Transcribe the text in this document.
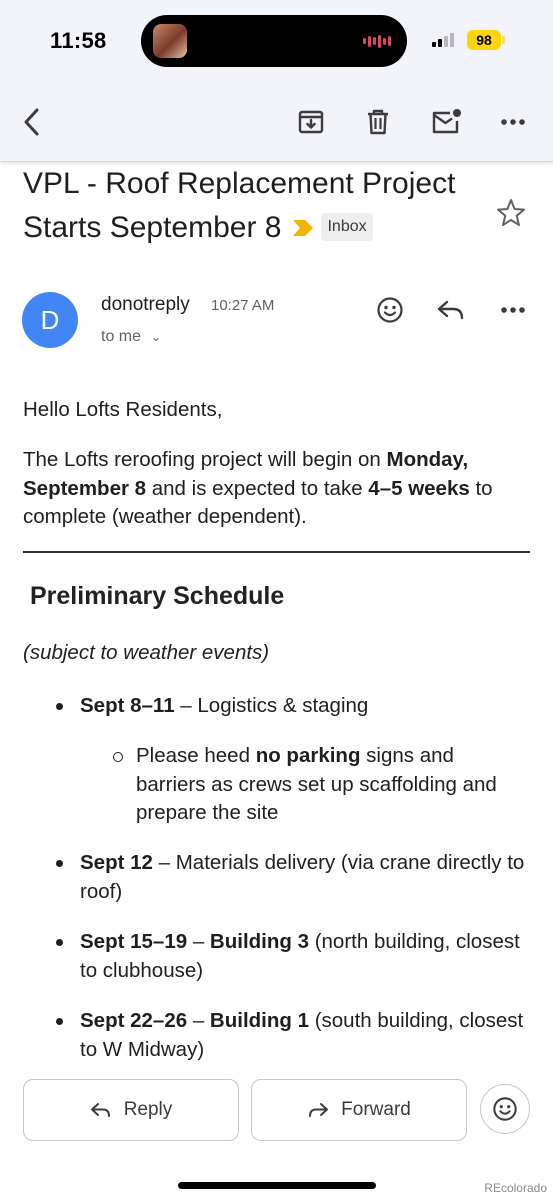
11:58	98
VPL - Roof Replacement Project Starts September 8	Inbox
D
donotreply 10:27 AM
to me ⌄
Hello Lofts Residents,
The Lofts reroofing project will begin on Monday, September 8 and is expected to take 4–5 weeks to complete (weather dependent).
Preliminary Schedule
(subject to weather events)
Sept 8–11 – Logistics & staging
Please heed no parking signs and barriers as crews set up scaffolding and prepare the site
Sept 12 – Materials delivery (via crane directly to roof)
Sept 15–19 – Building 3 (north building, closest to clubhouse)
Sept 22–26 – Building 1 (south building, closest to W Midway)
Reply	Forward
REcolorado
